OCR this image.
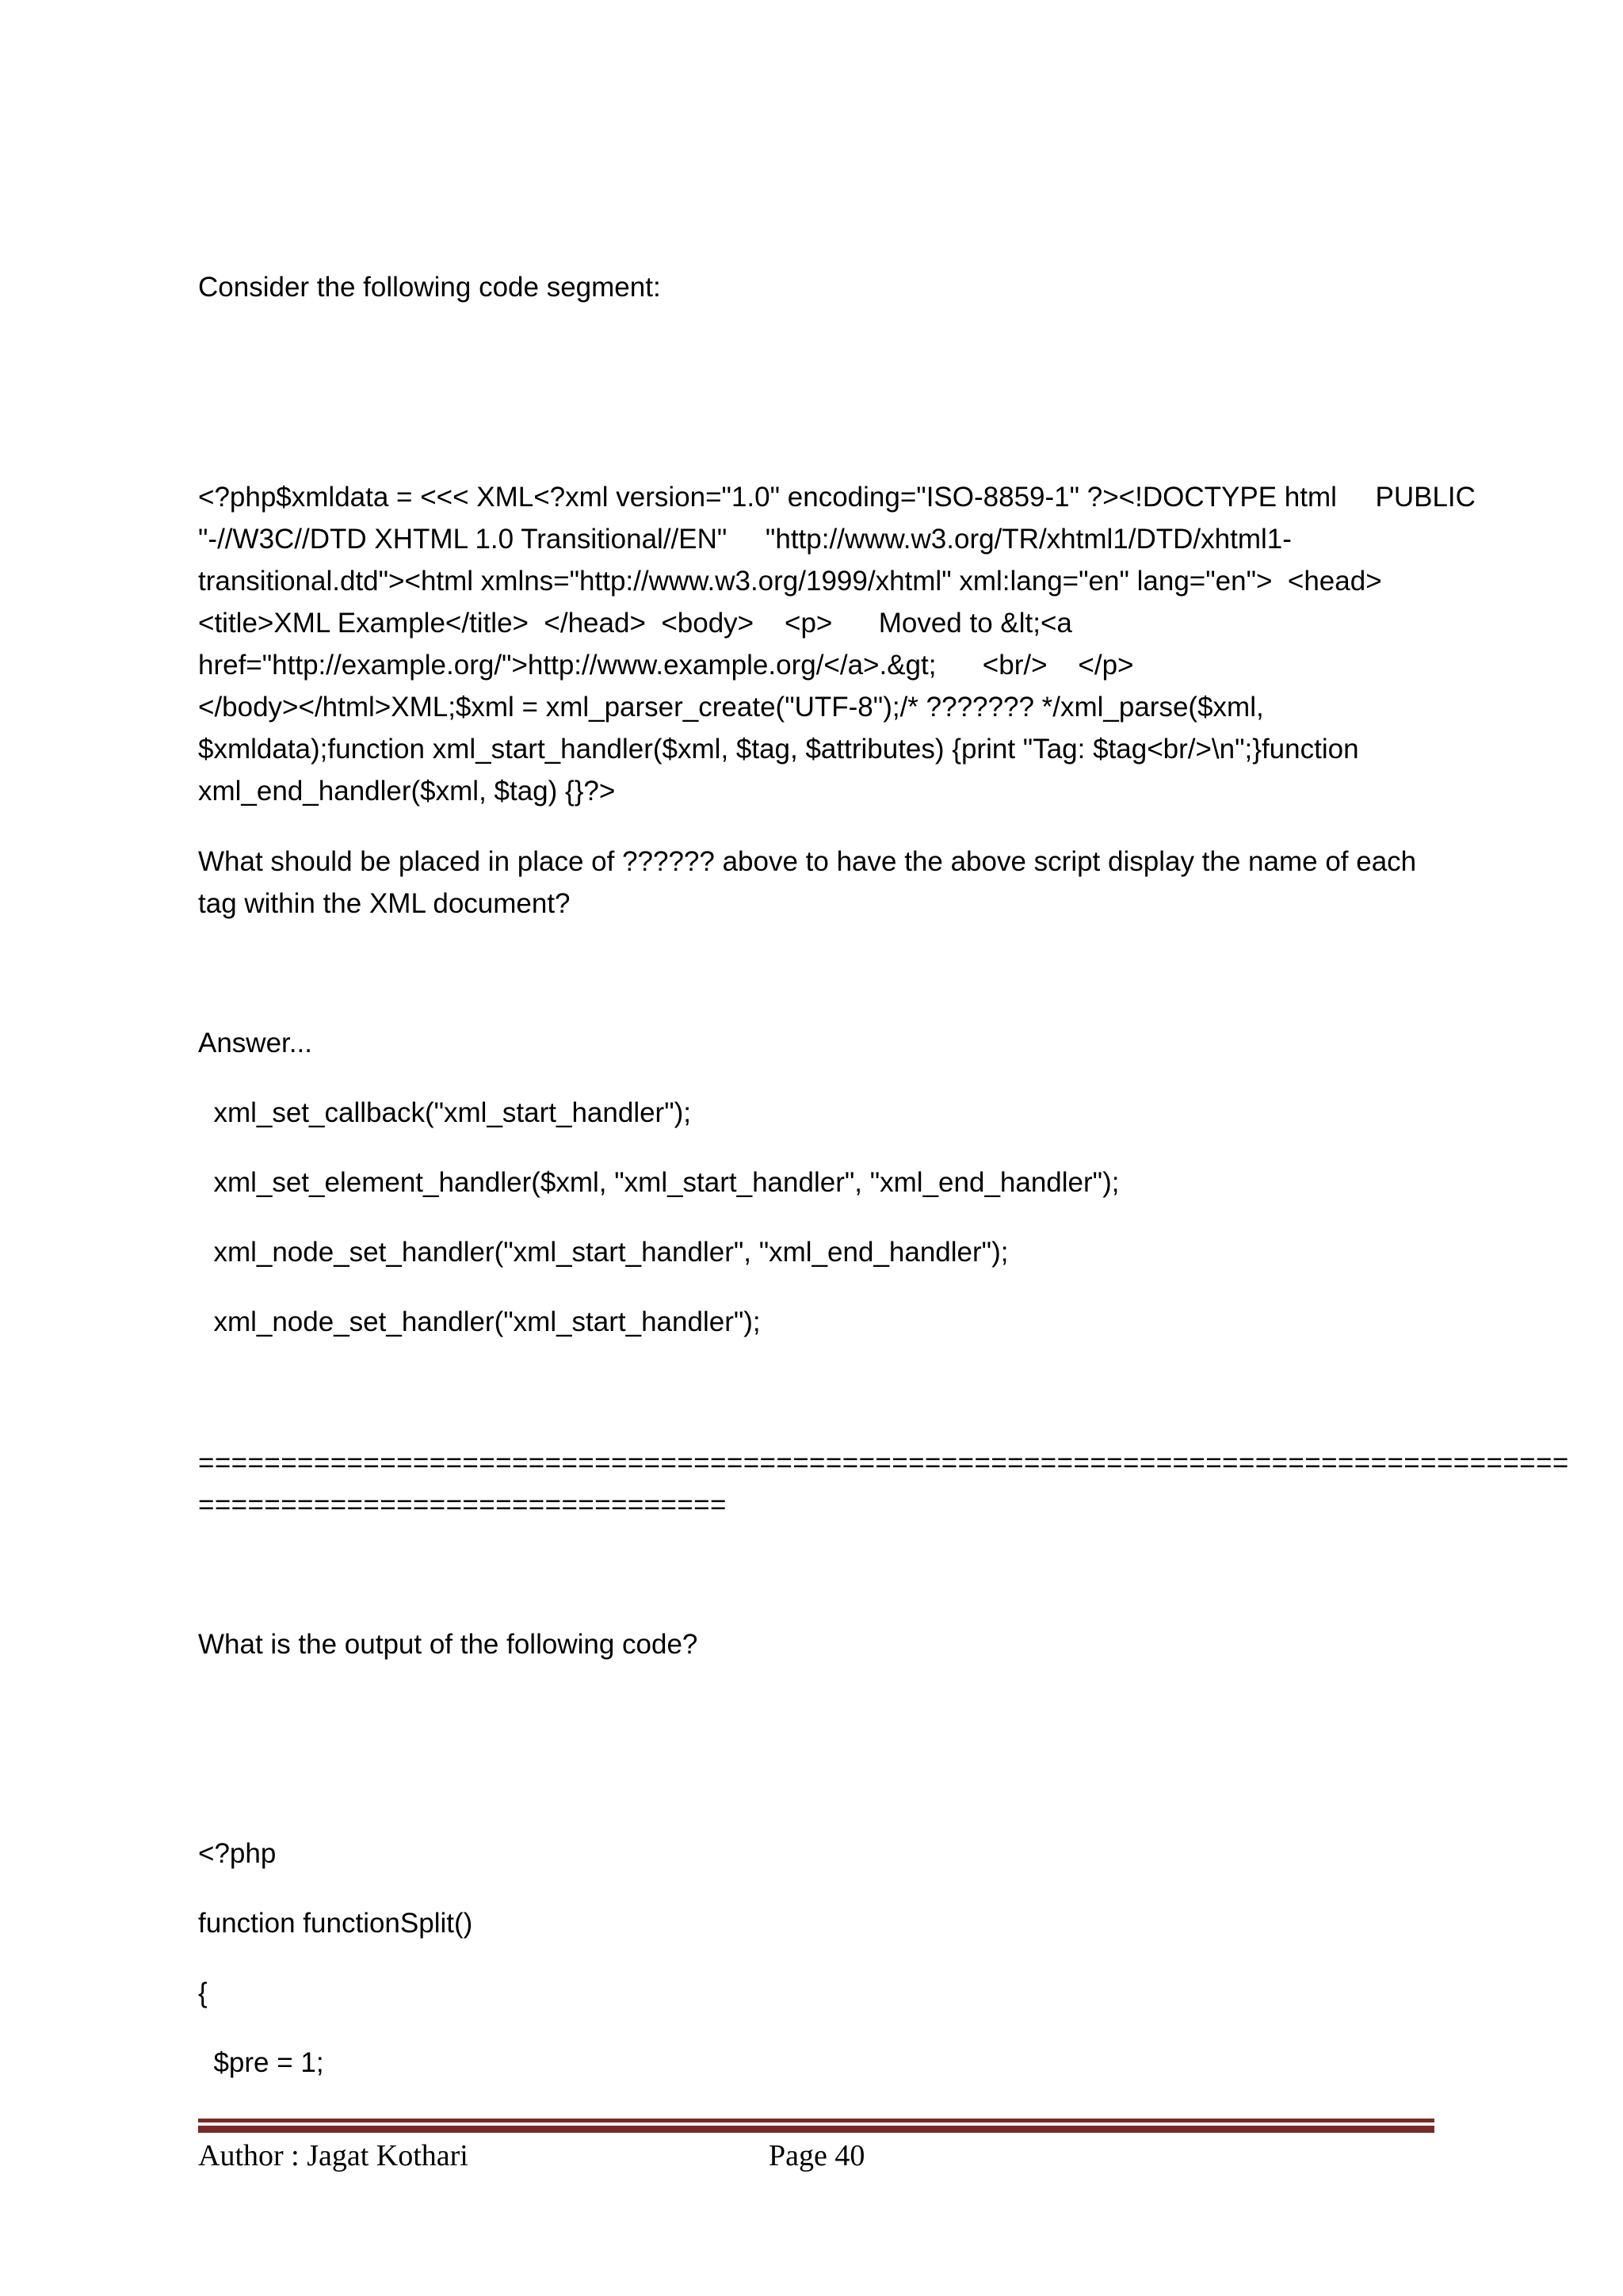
Consider the following code segment:

<?php$xmldata = <<< XML<?xml version="1.0" encoding="ISO-8859-1" ?><!DOCTYPE html     PUBLIC

"-//W3C//DTD XHTML 1.0 Transitional//EN"     "http://www.w3.org/TR/xhtml1/DTD/xhtml1-

transitional.dtd"><html xmlns="http://www.w3.org/1999/xhtml" xml:lang="en" lang="en">  <head>

<title>XML Example</title>  </head>  <body>    <p>      Moved to &lt;<a

href="http://example.org/">http://www.example.org/</a>.&gt;      <br/>    </p>

</body></html>XML;$xml = xml_parser_create("UTF-8");/* ??????? */xml_parse($xml,

$xmldata);function xml_start_handler($xml, $tag, $attributes) {print "Tag: $tag<br/>\n";}function

xml_end_handler($xml, $tag) {}?>

What should be placed in place of ?????? above to have the above script display the name of each

tag within the XML document?

Answer...

xml_set_callback("xml_start_handler");

xml_set_element_handler($xml, "xml_start_handler", "xml_end_handler");

xml_node_set_handler("xml_start_handler", "xml_end_handler");

xml_node_set_handler("xml_start_handler");

===================================================================================

================================

What is the output of the following code?

<?php

function functionSplit()

{

$pre = 1;

Author : Jagat Kothari	Page 40
